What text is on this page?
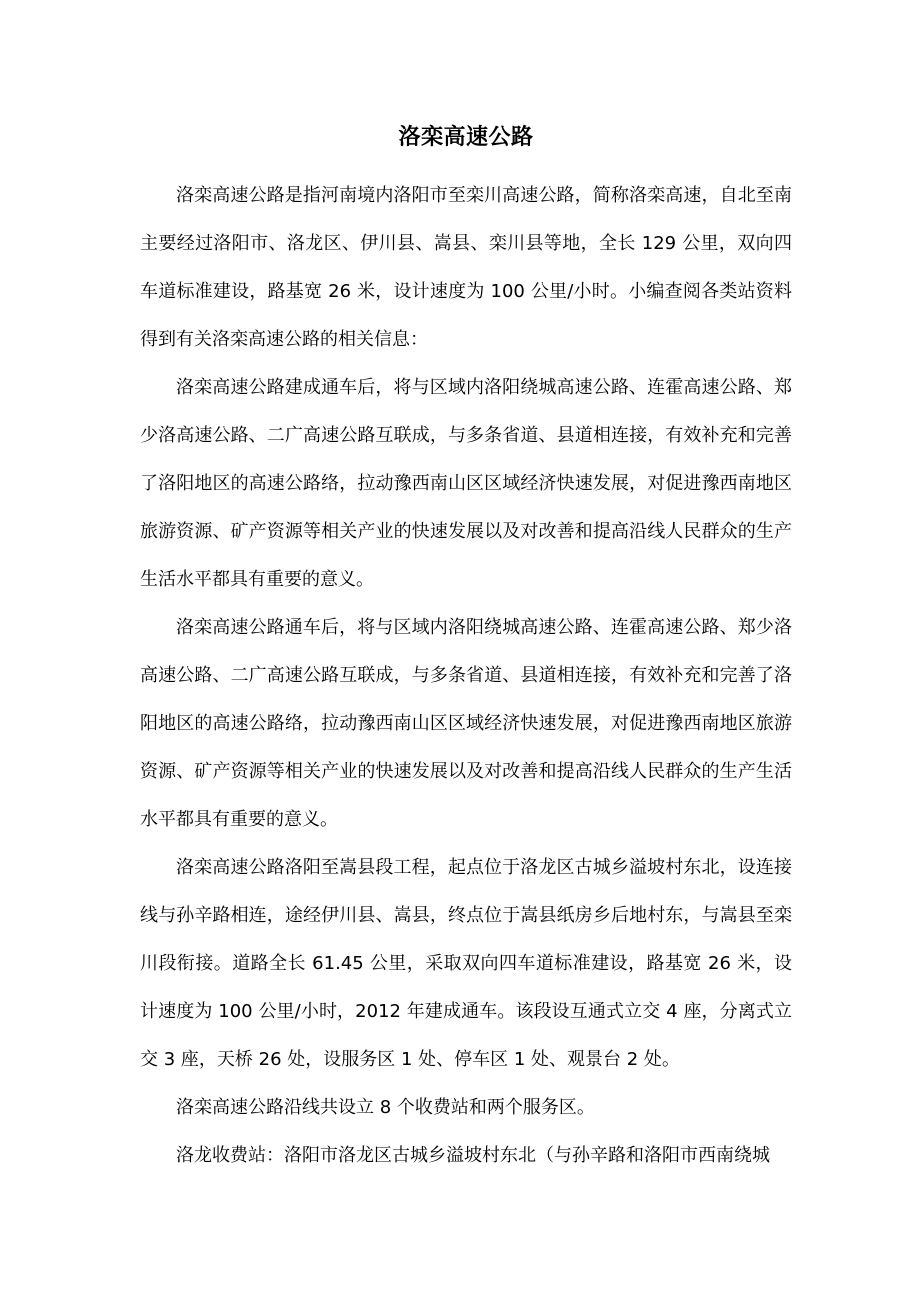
洛栾高速公路

洛栾高速公路是指河南境内洛阳市至栾川高速公路，简称洛栾高速，自北至南主要经过洛阳市、洛龙区、伊川县、嵩县、栾川县等地，全长 129 公里，双向四车道标准建设，路基宽 26 米，设计速度为 100 公里/小时。小编查阅各类站资料得到有关洛栾高速公路的相关信息：

洛栾高速公路建成通车后，将与区域内洛阳绕城高速公路、连霍高速公路、郑少洛高速公路、二广高速公路互联成，与多条省道、县道相连接，有效补充和完善了洛阳地区的高速公路络，拉动豫西南山区区域经济快速发展，对促进豫西南地区旅游资源、矿产资源等相关产业的快速发展以及对改善和提高沿线人民群众的生产生活水平都具有重要的意义。

洛栾高速公路通车后，将与区域内洛阳绕城高速公路、连霍高速公路、郑少洛高速公路、二广高速公路互联成，与多条省道、县道相连接，有效补充和完善了洛阳地区的高速公路络，拉动豫西南山区区域经济快速发展，对促进豫西南地区旅游资源、矿产资源等相关产业的快速发展以及对改善和提高沿线人民群众的生产生活水平都具有重要的意义。

洛栾高速公路洛阳至嵩县段工程，起点位于洛龙区古城乡溢坡村东北，设连接线与孙辛路相连，途经伊川县、嵩县，终点位于嵩县纸房乡后地村东，与嵩县至栾川段衔接。道路全长 61.45 公里，采取双向四车道标准建设，路基宽 26 米，设计速度为 100 公里/小时，2012 年建成通车。该段设互通式立交 4 座，分离式立交 3 座，天桥 26 处，设服务区 1 处、停车区 1 处、观景台 2 处。

洛栾高速公路沿线共设立 8 个收费站和两个服务区。

洛龙收费站：洛阳市洛龙区古城乡溢坡村东北（与孙辛路和洛阳市西南绕城
